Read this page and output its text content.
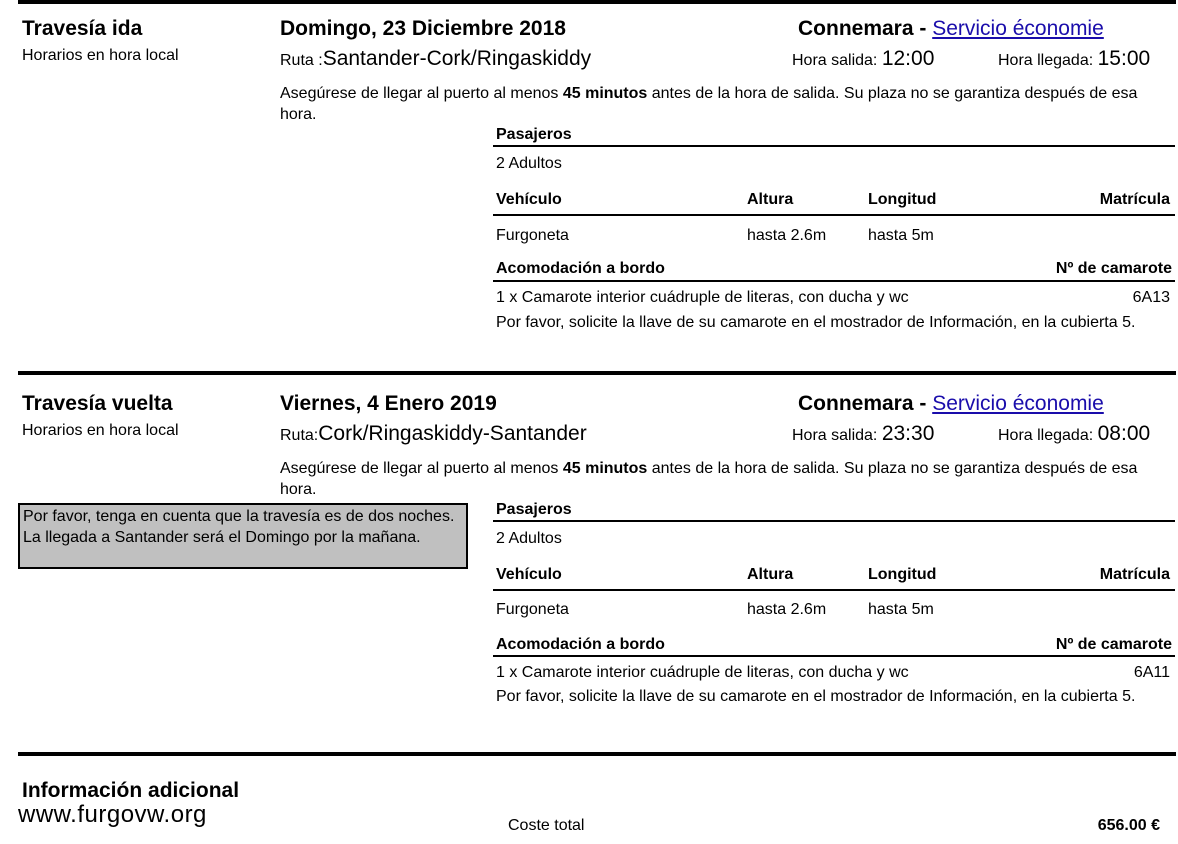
Travesía ida
Horarios en hora local
Domingo, 23 Diciembre 2018
Ruta :Santander-Cork/Ringaskiddy
Connemara - Servicio économie
Hora salida: 12:00	Hora llegada: 15:00
Asegúrese de llegar al puerto al menos 45 minutos antes de la hora de salida. Su plaza no se garantiza después de esa hora.
Pasajeros
2 Adultos
Vehículo	Altura	Longitud	Matrícula
Furgoneta	hasta 2.6m	hasta 5m
Acomodación a bordo	Nº de camarote
1 x Camarote interior cuádruple de literas, con ducha y wc	6A13
Por favor, solicite la llave de su camarote en el mostrador de Información, en la cubierta 5.
Travesía vuelta
Horarios en hora local
Viernes, 4 Enero 2019
Ruta:Cork/Ringaskiddy-Santander
Connemara - Servicio économie
Hora salida: 23:30	Hora llegada: 08:00
Asegúrese de llegar al puerto al menos 45 minutos antes de la hora de salida. Su plaza no se garantiza después de esa hora.
Por favor, tenga en cuenta que la travesía es de dos noches. La llegada a Santander será el Domingo por la mañana.
Pasajeros
2 Adultos
Vehículo	Altura	Longitud	Matrícula
Furgoneta	hasta 2.6m	hasta 5m
Acomodación a bordo	Nº de camarote
1 x Camarote interior cuádruple de literas, con ducha y wc	6A11
Por favor, solicite la llave de su camarote en el mostrador de Información, en la cubierta 5.
Información adicional
www.furgovw.org	Coste total	656.00 €
